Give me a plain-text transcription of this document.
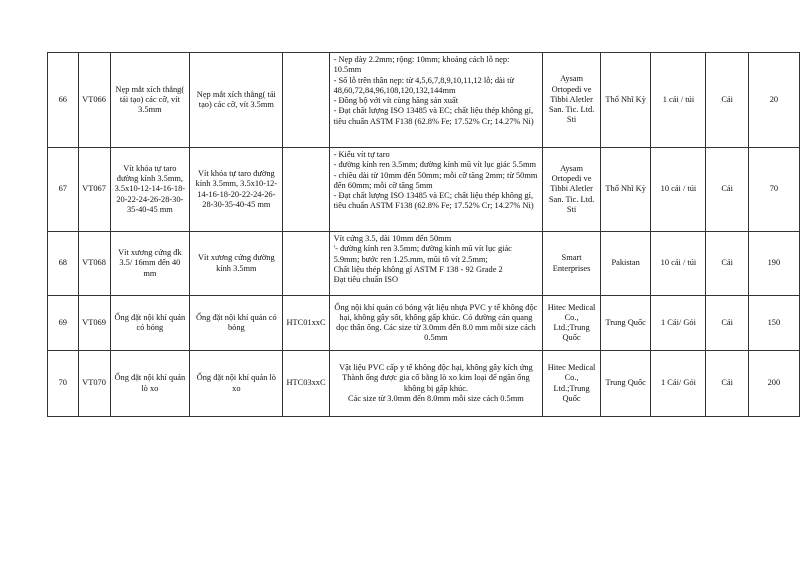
66	VT066	Nẹp mắt xích thẳng( tái tạo) các cỡ, vít 3.5mm	Nẹp mắt xích thẳng( tái tạo) các cỡ, vít 3.5mm		- Nẹp dày 2.2mm; rộng: 10mm; khoảng cách lỗ nẹp: 10.5mm
- Số lỗ trên thân nẹp: từ 4,5,6,7,8,9,10,11,12 lỗ; dài từ 48,60,72,84,96,108,120,132,144mm
- Đồng bộ với vít cùng hãng sản xuất
- Đạt chất lượng ISO 13485 và EC; chất liệu thép không gỉ, tiêu chuẩn ASTM F138 (62.8% Fe; 17.52% Cr; 14.27% Ni)	Aysam Ortopedi ve Tibbi Aletler San. Tic. Ltd. Sti	Thổ Nhĩ Kỳ	1 cái / túi	Cái	20
67	VT067	Vít khóa tự taro đường kính 3.5mm, 3.5x10-12-14-16-18-20-22-24-26-28-30-35-40-45 mm	Vít khóa tự taro đường kính 3.5mm, 3.5x10-12-14-16-18-20-22-24-26-28-30-35-40-45 mm		- Kiểu vít tự taro
- đường kính ren 3.5mm; đường kính mũ vít lục giác 5.5mm
- chiều dài từ 10mm đến 50mm; mỗi cỡ tăng 2mm; từ 50mm đến 60mm; mỗi cỡ tăng 5mm
- Đạt chất lượng ISO 13485 và EC; chất liệu thép không gỉ, tiêu chuẩn ASTM F138 (62.8% Fe; 17.52% Cr; 14.27% Ni)	Aysam Ortopedi ve Tibbi Aletler San. Tic. Ltd. Sti	Thổ Nhĩ Kỳ	10 cái / túi	Cái	70
68	VT068	Vít xương cứng đk 3.5/ 16mm đến 40 mm	Vít xương cứng đường kính 3.5mm		Vít cứng 3.5, dài 10mm đến 50mm
'- đường kính ren 3.5mm; đường kính mũ vít lục giác 5.9mm; bước ren 1.25.mm, mũi tô vít 2.5mm;
Chất liệu thép không gỉ ASTM F 138 - 92 Grade 2
Đạt tiêu chuẩn ISO	Smart Enterprises	Pakistan	10 cái / túi	Cái	190
69	VT069	Ống đặt nội khí quản có bóng	Ống đặt nội khí quản có bóng	HTC01xxC	Ống nội khí quản có bóng vật liệu nhựa PVC y tế không độc hại, không gây sốt, không gấp khúc. Có đường cản quang dọc thân ống. Các size từ 3.0mm đến 8.0 mm mỗi size cách 0.5mm	Hitec Medical Co., Ltd.;Trung Quốc	Trung Quốc	1 Cái/ Gói	Cái	150
70	VT070	Ống đặt nội khí quản lò xo	Ống đặt nội khí quản lò xo	HTC03xxC	Vật liệu PVC cấp y tế không độc hại, không gây kích ứng
Thành ống được gia cố bằng lò xo kim loại để ngăn ống không bị gấp khúc.
Các size từ 3.0mm đến 8.0mm mỗi size cách 0.5mm	Hitec Medical Co., Ltd.;Trung Quốc	Trung Quốc	1 Cái/ Gói	Cái	200
